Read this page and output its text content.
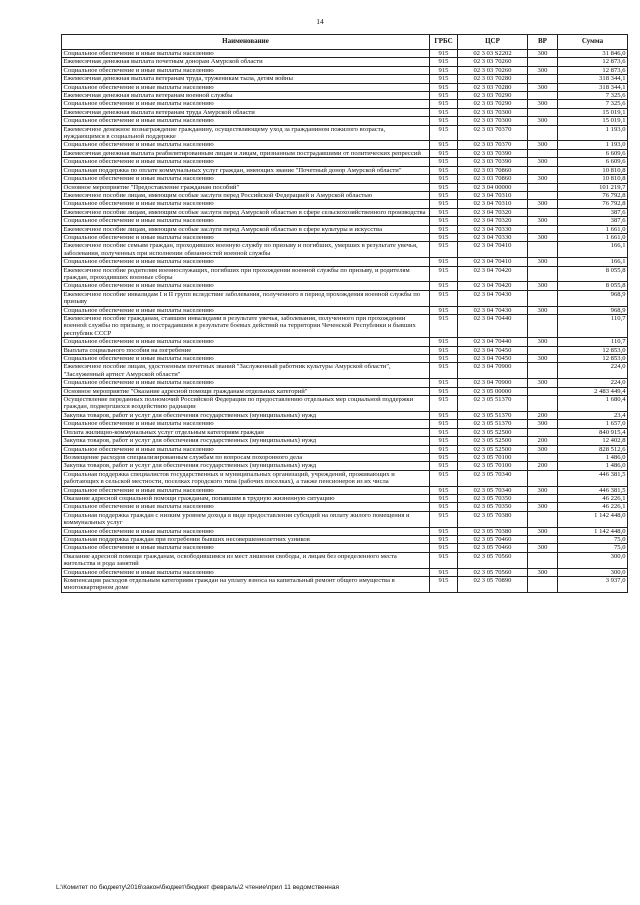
14
Наименование	ГРБС	ЦСР	ВР	Сумма
Социальное обеспечение и иные выплаты населению	915	02 3 03 S2202	300	31 846,0
Ежемесячная денежная выплата почетным донорам Амурской области	915	02 3 03 70260		12 873,6
Социальное обеспечение и иные выплаты населению	915	02 3 03 70260	300	12 873,6
Ежемесячная денежная выплата ветеранам труда, труженикам тыла, детям войны	915	02 3 03 70280		318 344,1
Социальное обеспечение и иные выплаты населению	915	02 3 03 70280	300	318 344,1
Ежемесячная денежная выплата ветеранам военной службы	915	02 3 03 70290		7 325,6
Социальное обеспечение и иные выплаты населению	915	02 3 03 70290	300	7 325,6
Ежемесячная денежная выплата ветеранам труда Амурской области	915	02 3 03 70300		15 019,1
Социальное обеспечение и иные выплаты населению	915	02 3 03 70300	300	15 019,1
Ежемесячное денежное вознаграждение гражданину, осуществляющему уход за гражданином пожилого возраста, нуждающимся в социальной поддержке	915	02 3 03 70370		1 193,0
Социальное обеспечение и иные выплаты населению	915	02 3 03 70370	300	1 193,0
Ежемесячная денежная выплата реабилитированным лицам и лицам, признанным пострадавшими от политических репрессий	915	02 3 03 70390		6 609,6
Социальное обеспечение и иные выплаты населению	915	02 3 03 70390	300	6 609,6
Социальная поддержка по оплате коммунальных услуг граждан, имеющих звание "Почетный донор Амурской области"	915	02 3 03 70860		10 810,8
Социальное обеспечение и иные выплаты населению	915	02 3 03 70860	300	10 810,8
Основное мероприятие "Предоставление гражданам пособий"	915	02 3 04 00000		101 219,7
Ежемесячное пособие лицам, имеющим особые заслуги перед Российской Федерацией и Амурской областью	915	02 3 04 70310		76 792,8
Социальное обеспечение и иные выплаты населению	915	02 3 04 70310	300	76 792,8
Ежемесячное пособие лицам, имеющим особые заслуги перед Амурской областью в сфере сельскохозяйственного производства	915	02 3 04 70320		387,6
Социальное обеспечение и иные выплаты населению	915	02 3 04 70320	300	387,6
Ежемесячное пособие лицам, имеющим особые заслуги перед Амурской областью в сфере культуры и искусства	915	02 3 04 70330		1 661,0
Социальное обеспечение и иные выплаты населению	915	02 3 04 70330	300	1 661,0
Ежемесячное пособие семьям граждан, проходивших военную службу по призыву и погибших, умерших в результате увечья, заболевания, полученных при исполнении обязанностей военной службы	915	02 3 04 70410		166,1
Социальное обеспечение и иные выплаты населению	915	02 3 04 70410	300	166,1
Ежемесячное пособие родителям военнослужащих, погибших при прохождении военной службы по призыву, и родителям граждан, проходивших военные сборы	915	02 3 04 70420		8 055,8
Социальное обеспечение и иные выплаты населению	915	02 3 04 70420	300	8 055,8
Ежемесячное пособие инвалидам I и II групп вследствие заболевания, полученного в период прохождения военной службы по призыву	915	02 3 04 70430		968,9
Социальное обеспечение и иные выплаты населению	915	02 3 04 70430	300	968,9
Ежемесячное пособие гражданам, ставшим инвалидами в результате увечья, заболевания, полученного при прохождении военной службы по призыву, и пострадавшим в результате боевых действий на территории Чеченской Республики и бывших республик СССР	915	02 3 04 70440		110,7
Социальное обеспечение и иные выплаты населению	915	02 3 04 70440	300	110,7
Выплата социального пособия на погребение	915	02 3 04 70450		12 853,0
Социальное обеспечение и иные выплаты населению	915	02 3 04 70450	300	12 853,0
Ежемесячное пособие лицам, удостоенным почетных званий "Заслуженный работник культуры Амурской области", "Заслуженный артист Амурской области"	915	02 3 04 70900		224,0
Социальное обеспечение и иные выплаты населению	915	02 3 04 70900	300	224,0
Основное мероприятие "Оказание адресной помощи гражданам отдельных категорий"	915	02 3 05 00000		2 483 449,4
Осуществление переданных полномочий Российской Федерации по предоставлению отдельных мер социальной поддержки граждан, подвергшихся воздействию радиации	915	02 3 05 51370		1 680,4
Закупка товаров, работ и услуг для обеспечения государственных (муниципальных) нужд	915	02 3 05 51370	200	23,4
Социальное обеспечение и иные выплаты населению	915	02 3 05 51370	300	1 657,0
Оплата жилищно-коммунальных услуг отдельным категориям граждан	915	02 3 05 52500		840 915,4
Закупка товаров, работ и услуг для обеспечения государственных (муниципальных) нужд	915	02 3 05 52500	200	12 402,8
Социальное обеспечение и иные выплаты населению	915	02 3 05 52500	300	828 512,6
Возмещение расходов специализированным службам по вопросам похоронного дела	915	02 3 05 70100		1 486,0
Закупка товаров, работ и услуг для обеспечения государственных (муниципальных) нужд	915	02 3 05 70100	200	1 486,0
Социальная поддержка специалистов государственных и муниципальных организаций, учреждений, проживающих и работающих в сельской местности, поселках городского типа (рабочих поселках), а также пенсионеров из их числа	915	02 3 05 70340		446 381,5
Социальное обеспечение и иные выплаты населению	915	02 3 05 70340	300	446 381,5
Оказание адресной социальной помощи гражданам, попавшим в трудную жизненную ситуацию	915	02 3 05 70350		46 226,1
Социальное обеспечение и иные выплаты населению	915	02 3 05 70350	300	46 226,1
Социальная поддержка граждан с низким уровнем дохода в виде предоставления субсидий на оплату жилого помещения и коммунальных услуг	915	02 3 05 70380		1 142 448,0
Социальное обеспечение и иные выплаты населению	915	02 3 05 70380	300	1 142 448,0
Социальная поддержка граждан при погребении бывших несовершеннолетних узников	915	02 3 05 70460		75,0
Социальное обеспечение и иные выплаты населению	915	02 3 05 70460	300	75,0
Оказание адресной помощи гражданам, освободившимся из мест лишения свободы, и лицам без определенного места жительства и рода занятий	915	02 3 05 70560		300,0
Социальное обеспечение и иные выплаты населению	915	02 3 05 70560	300	300,0
Компенсация расходов отдельным категориям граждан на уплату взноса на капитальный ремонт общего имущества в многоквартирном доме	915	02 3 05 70890		3 937,0
L:\Комитет по бюджету\2016\закон\бюджет\бюджет февраль\2 чтение\прил 11 ведомственная
